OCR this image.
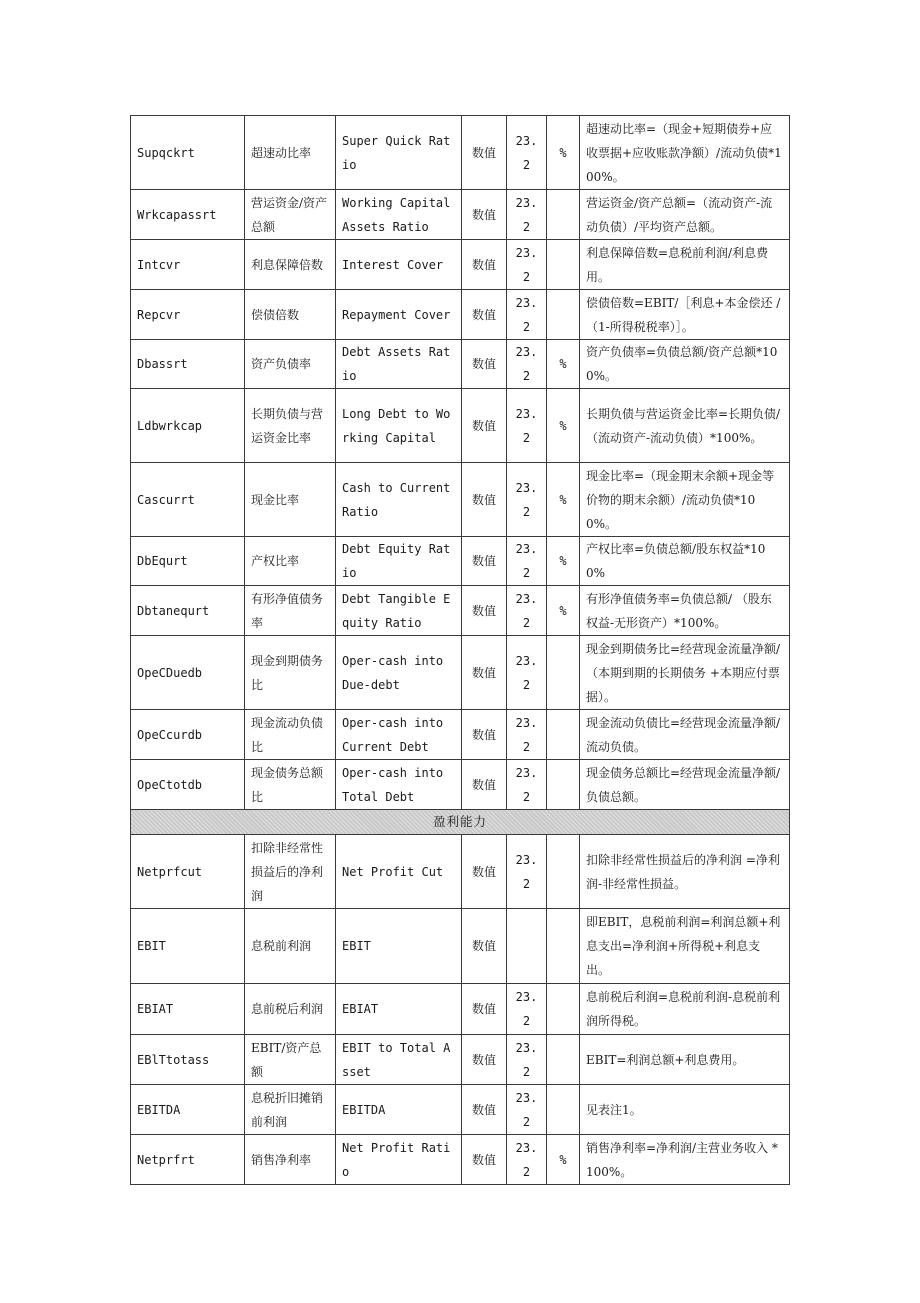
Supqckrt	超速动比率	Super Quick Ratio	数值	23.2	%	超速动比率=（现金+短期债券+应收票据+应收账款净额）/流动负债*100%。
Wrkcapassrt	营运资金/资产总额	Working Capital Assets Ratio	数值	23.2		营运资金/资产总额=（流动资产-流动负债）/平均资产总额。
Intcvr	利息保障倍数	Interest Cover	数值	23.2		利息保障倍数=息税前利润/利息费用。
Repcvr	偿债倍数	Repayment Cover	数值	23.2		偿债倍数=EBIT/［利息+本金偿还 /（1-所得税税率）］。
Dbassrt	资产负债率	Debt Assets Ratio	数值	23.2	%	资产负债率=负债总额/资产总额*100%。
Ldbwrkcap	长期负债与营运资金比率	Long Debt to Working Capital	数值	23.2	%	长期负债与营运资金比率=长期负债/ （流动资产-流动负债）*100%。
Cascurrt	现金比率	Cash to Current Ratio	数值	23.2	%	现金比率=（现金期末余额+现金等价物的期末余额）/流动负债*100%。
DbEqurt	产权比率	Debt Equity Ratio	数值	23.2	%	产权比率=负债总额/股东权益*100%
Dbtanequrt	有形净值债务率	Debt Tangible Equity Ratio	数值	23.2	%	有形净值债务率=负债总额/ （股东权益-无形资产）*100%。
OpeCDuedb	现金到期债务比	Oper-cash into Due-debt	数值	23.2		现金到期债务比=经营现金流量净额/ （本期到期的长期债务 +本期应付票据）。
OpeCcurdb	现金流动负债比	Oper-cash into Current Debt	数值	23.2		现金流动负债比=经营现金流量净额/流动负债。
OpeCtotdb	现金债务总额比	Oper-cash into Total Debt	数值	23.2		现金债务总额比=经营现金流量净额/负债总额。
盈利能力						
Netprfcut	扣除非经常性损益后的净利润	Net Profit Cut	数值	23.2		扣除非经常性损益后的净利润 =净利润-非经常性损益。
EBIT	息税前利润	EBIT	数值			即EBIT，息税前利润=利润总额+利息支出=净利润+所得税+利息支出。
EBIAT	息前税后利润	EBIAT	数值	23.2		息前税后利润=息税前利润-息税前利润所得税。
EBlTtotass	EBIT/资产总额	EBIT to Total Asset	数值	23.2		EBIT=利润总额+利息费用。
EBITDA	息税折旧摊销前利润	EBITDA	数值	23.2		见表注1。
Netprfrt	销售净利率	Net Profit Ratio	数值	23.2	%	销售净利率=净利润/主营业务收入 *100%。
